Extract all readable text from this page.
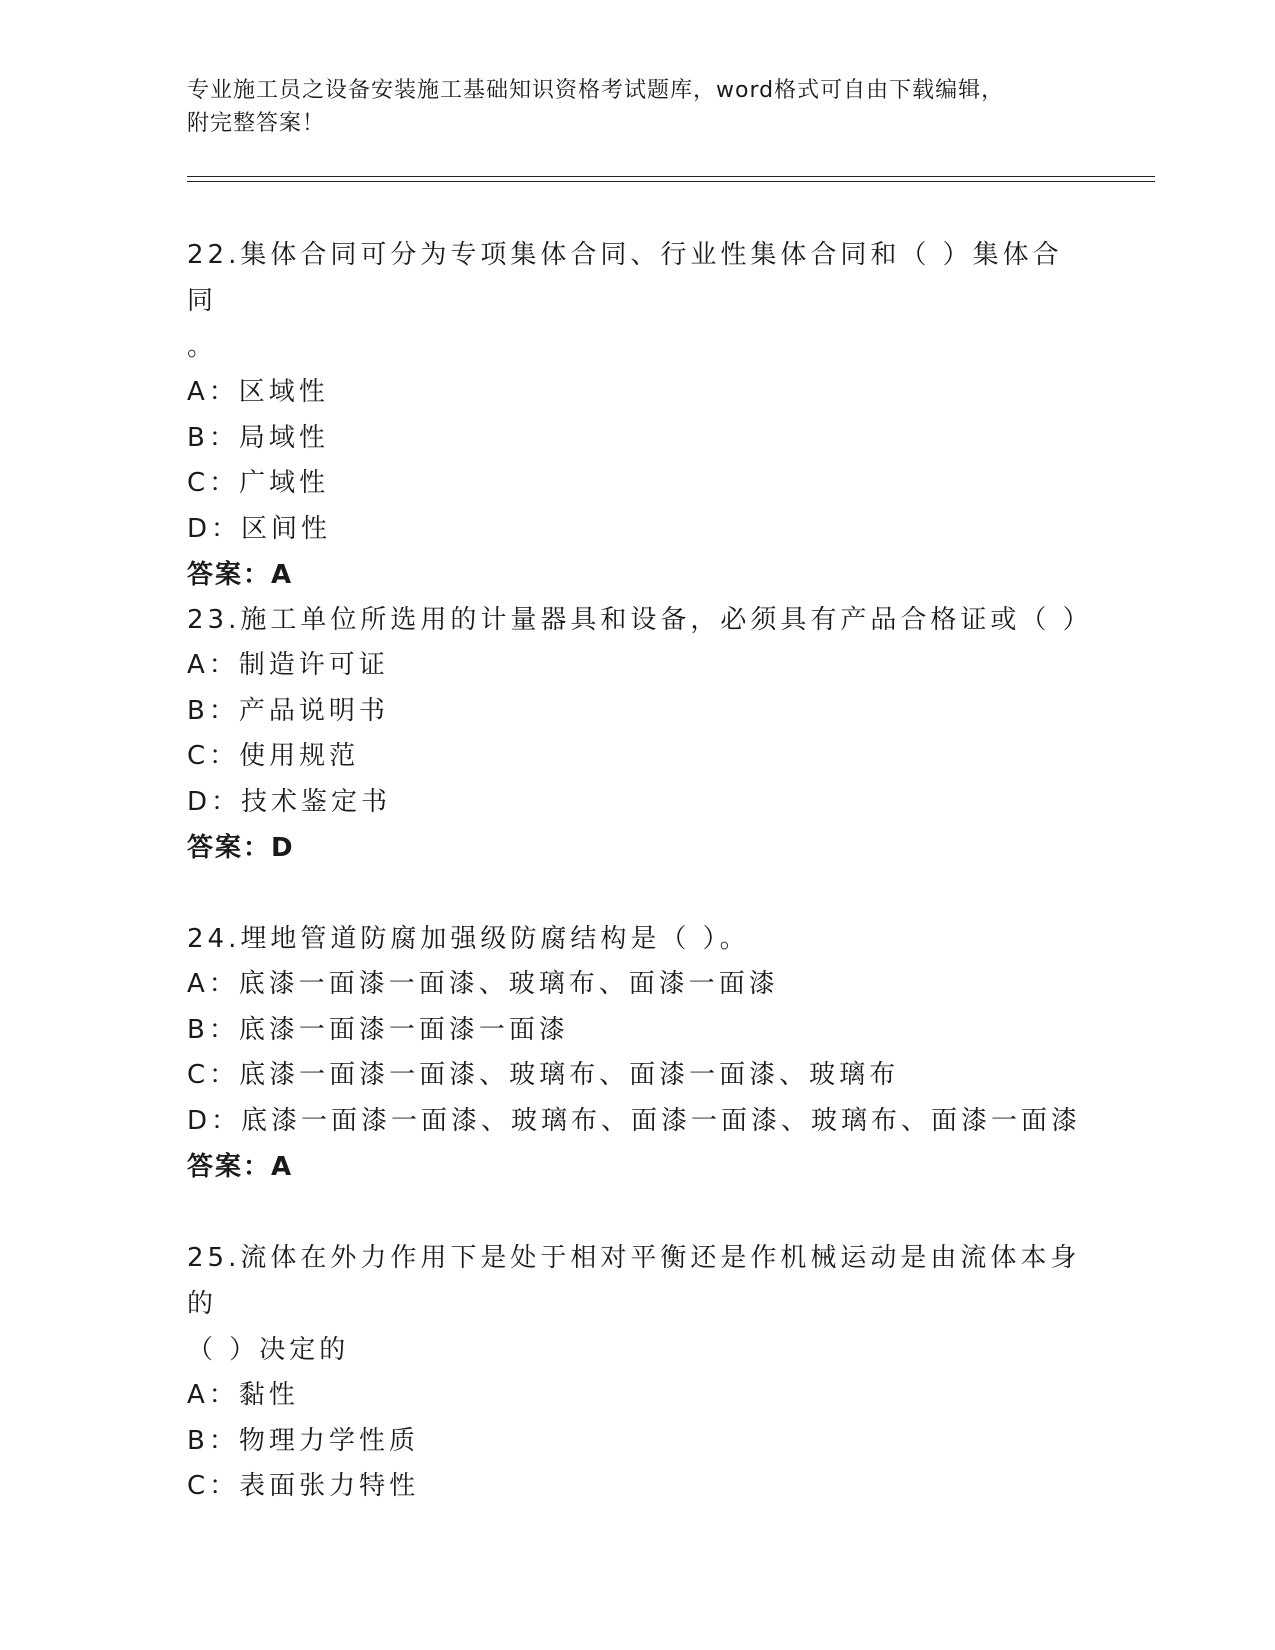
专业施工员之设备安装施工基础知识资格考试题库，word格式可自由下载编辑，
附完整答案！
22.集体合同可分为专项集体合同、行业性集体合同和（ ）集体合同
。
A：区域性
B：局域性
C：广域性
D：区间性
答案：A
23.施工单位所选用的计量器具和设备，必须具有产品合格证或（ ）
A：制造许可证
B：产品说明书
C：使用规范
D：技术鉴定书
答案：D
24.埋地管道防腐加强级防腐结构是（ ）。
A：底漆一面漆一面漆、玻璃布、面漆一面漆
B：底漆一面漆一面漆一面漆
C：底漆一面漆一面漆、玻璃布、面漆一面漆、玻璃布
D：底漆一面漆一面漆、玻璃布、面漆一面漆、玻璃布、面漆一面漆
答案：A
25.流体在外力作用下是处于相对平衡还是作机械运动是由流体本身的
（ ）决定的
A：黏性
B：物理力学性质
C：表面张力特性
